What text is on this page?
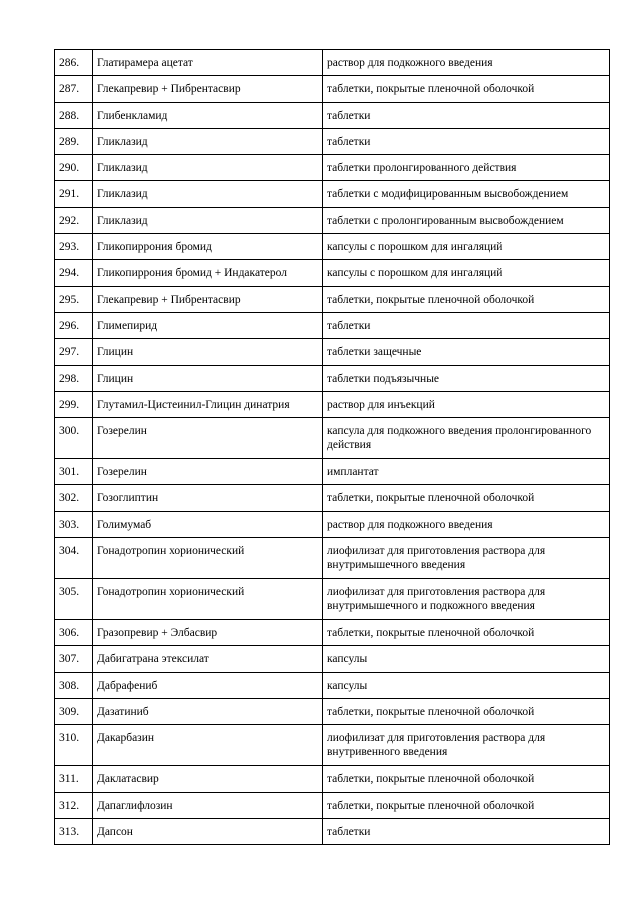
286.	Глатирамера ацетат	раствор для подкожного введения
287.	Глекапревир + Пибрентасвир	таблетки, покрытые пленочной оболочкой
288.	Глибенкламид	таблетки
289.	Гликлазид	таблетки
290.	Гликлазид	таблетки пролонгированного действия
291.	Гликлазид	таблетки с модифицированным высвобождением
292.	Гликлазид	таблетки с пролонгированным высвобождением
293.	Гликопиррония бромид	капсулы с порошком для ингаляций
294.	Гликопиррония бромид + Индакатерол	капсулы с порошком для ингаляций
295.	Глекапревир + Пибрентасвир	таблетки, покрытые пленочной оболочкой
296.	Глимепирид	таблетки
297.	Глицин	таблетки защечные
298.	Глицин	таблетки подъязычные
299.	Глутамил-Цистеинил-Глицин динатрия	раствор для инъекций
300.	Гозерелин	капсула для подкожного введения пролонгированного действия
301.	Гозерелин	имплантат
302.	Гозоглиптин	таблетки, покрытые пленочной оболочкой
303.	Голимумаб	раствор для подкожного введения
304.	Гонадотропин хорионический	лиофилизат для приготовления раствора для внутримышечного введения
305.	Гонадотропин хорионический	лиофилизат для приготовления раствора для внутримышечного и подкожного введения
306.	Гразопревир + Элбасвир	таблетки, покрытые пленочной оболочкой
307.	Дабигатрана этексилат	капсулы
308.	Дабрафениб	капсулы
309.	Дазатиниб	таблетки, покрытые пленочной оболочкой
310.	Дакарбазин	лиофилизат для приготовления раствора для внутривенного введения
311.	Даклатасвир	таблетки, покрытые пленочной оболочкой
312.	Дапаглифлозин	таблетки, покрытые пленочной оболочкой
313.	Дапсон	таблетки
